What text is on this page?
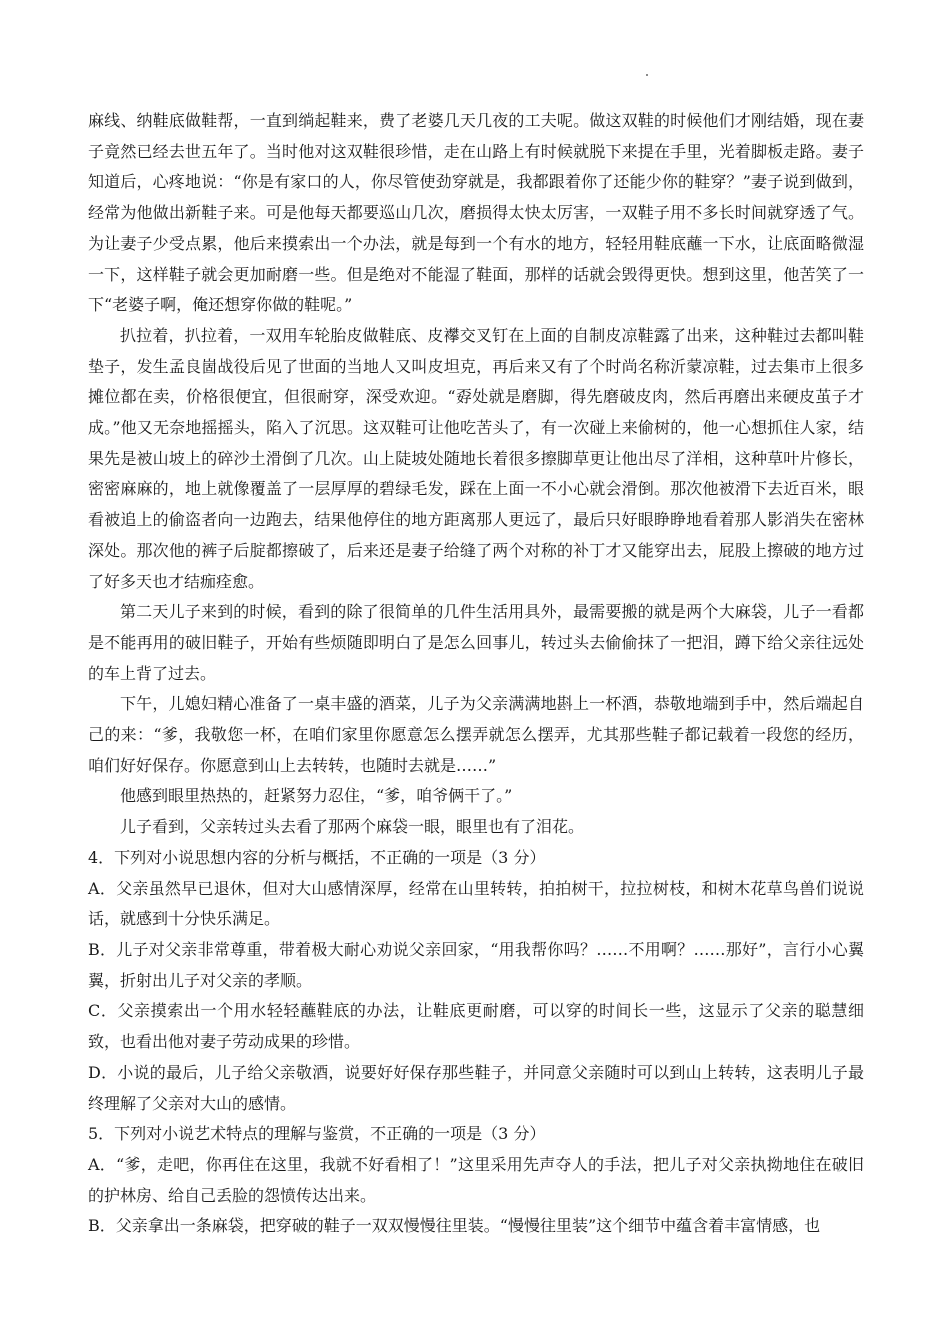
麻线、纳鞋底做鞋帮，一直到绱起鞋来，费了老婆几天几夜的工夫呢。做这双鞋的时候他们才刚结婚，现在妻子竟然已经去世五年了。当时他对这双鞋很珍惜，走在山路上有时候就脱下来提在手里，光着脚板走路。妻子知道后，心疼地说：“你是有家口的人，你尽管使劲穿就是，我都跟着你了还能少你的鞋穿？”妻子说到做到，经常为他做出新鞋子来。可是他每天都要巡山几次，磨损得太快太厉害，一双鞋子用不多长时间就穿透了气。为让妻子少受点累，他后来摸索出一个办法，就是每到一个有水的地方，轻轻用鞋底蘸一下水，让底面略微湿一下，这样鞋子就会更加耐磨一些。但是绝对不能湿了鞋面，那样的话就会毁得更快。想到这里，他苦笑了一下“老婆子啊，俺还想穿你做的鞋呢。”

扒拉着，扒拉着，一双用车轮胎皮做鞋底、皮襻交叉钉在上面的自制皮凉鞋露了出来，这种鞋过去都叫鞋垫子，发生孟良崮战役后见了世面的当地人又叫皮坦克，再后来又有了个时尚名称沂蒙凉鞋，过去集市上很多摊位都在卖，价格很便宜，但很耐穿，深受欢迎。“孬处就是磨脚，得先磨破皮肉，然后再磨出来硬皮茧子才成。”他又无奈地摇摇头，陷入了沉思。这双鞋可让他吃苦头了，有一次碰上来偷树的，他一心想抓住人家，结果先是被山坡上的碎沙土滑倒了几次。山上陡坡处随地长着很多擦脚草更让他出尽了洋相，这种草叶片修长，密密麻麻的，地上就像覆盖了一层厚厚的碧绿毛发，踩在上面一不小心就会滑倒。那次他被滑下去近百米，眼看被追上的偷盗者向一边跑去，结果他停住的地方距离那人更远了，最后只好眼睁睁地看着那人影消失在密林深处。那次他的裤子后腚都擦破了，后来还是妻子给缝了两个对称的补丁才又能穿出去，屁股上擦破的地方过了好多天也才结痂痊愈。

第二天儿子来到的时候，看到的除了很简单的几件生活用具外，最需要搬的就是两个大麻袋，儿子一看都是不能再用的破旧鞋子，开始有些烦随即明白了是怎么回事儿，转过头去偷偷抹了一把泪，蹲下给父亲往远处的车上背了过去。

下午，儿媳妇精心准备了一桌丰盛的酒菜，儿子为父亲满满地斟上一杯酒，恭敬地端到手中，然后端起自己的来：“爹，我敬您一杯，在咱们家里你愿意怎么摆弄就怎么摆弄，尤其那些鞋子都记载着一段您的经历，咱们好好保存。你愿意到山上去转转，也随时去就是……”

他感到眼里热热的，赶紧努力忍住，“爹，咱爷俩干了。”

儿子看到，父亲转过头去看了那两个麻袋一眼，眼里也有了泪花。

4．下列对小说思想内容的分析与概括，不正确的一项是（3 分）

A．父亲虽然早已退休，但对大山感情深厚，经常在山里转转，拍拍树干，拉拉树枝，和树木花草鸟兽们说说话，就感到十分快乐满足。

B．儿子对父亲非常尊重，带着极大耐心劝说父亲回家，“用我帮你吗？……不用啊？……那好”，言行小心翼翼，折射出儿子对父亲的孝顺。

C．父亲摸索出一个用水轻轻蘸鞋底的办法，让鞋底更耐磨，可以穿的时间长一些，这显示了父亲的聪慧细致，也看出他对妻子劳动成果的珍惜。

D．小说的最后，儿子给父亲敬酒，说要好好保存那些鞋子，并同意父亲随时可以到山上转转，这表明儿子最终理解了父亲对大山的感情。

5．下列对小说艺术特点的理解与鉴赏，不正确的一项是（3 分）

A．“爹，走吧，你再住在这里，我就不好看相了！”这里采用先声夺人的手法，把儿子对父亲执拗地住在破旧的护林房、给自己丢脸的怨愤传达出来。

B．父亲拿出一条麻袋，把穿破的鞋子一双双慢慢往里装。“慢慢往里装”这个细节中蕴含着丰富情感，也
